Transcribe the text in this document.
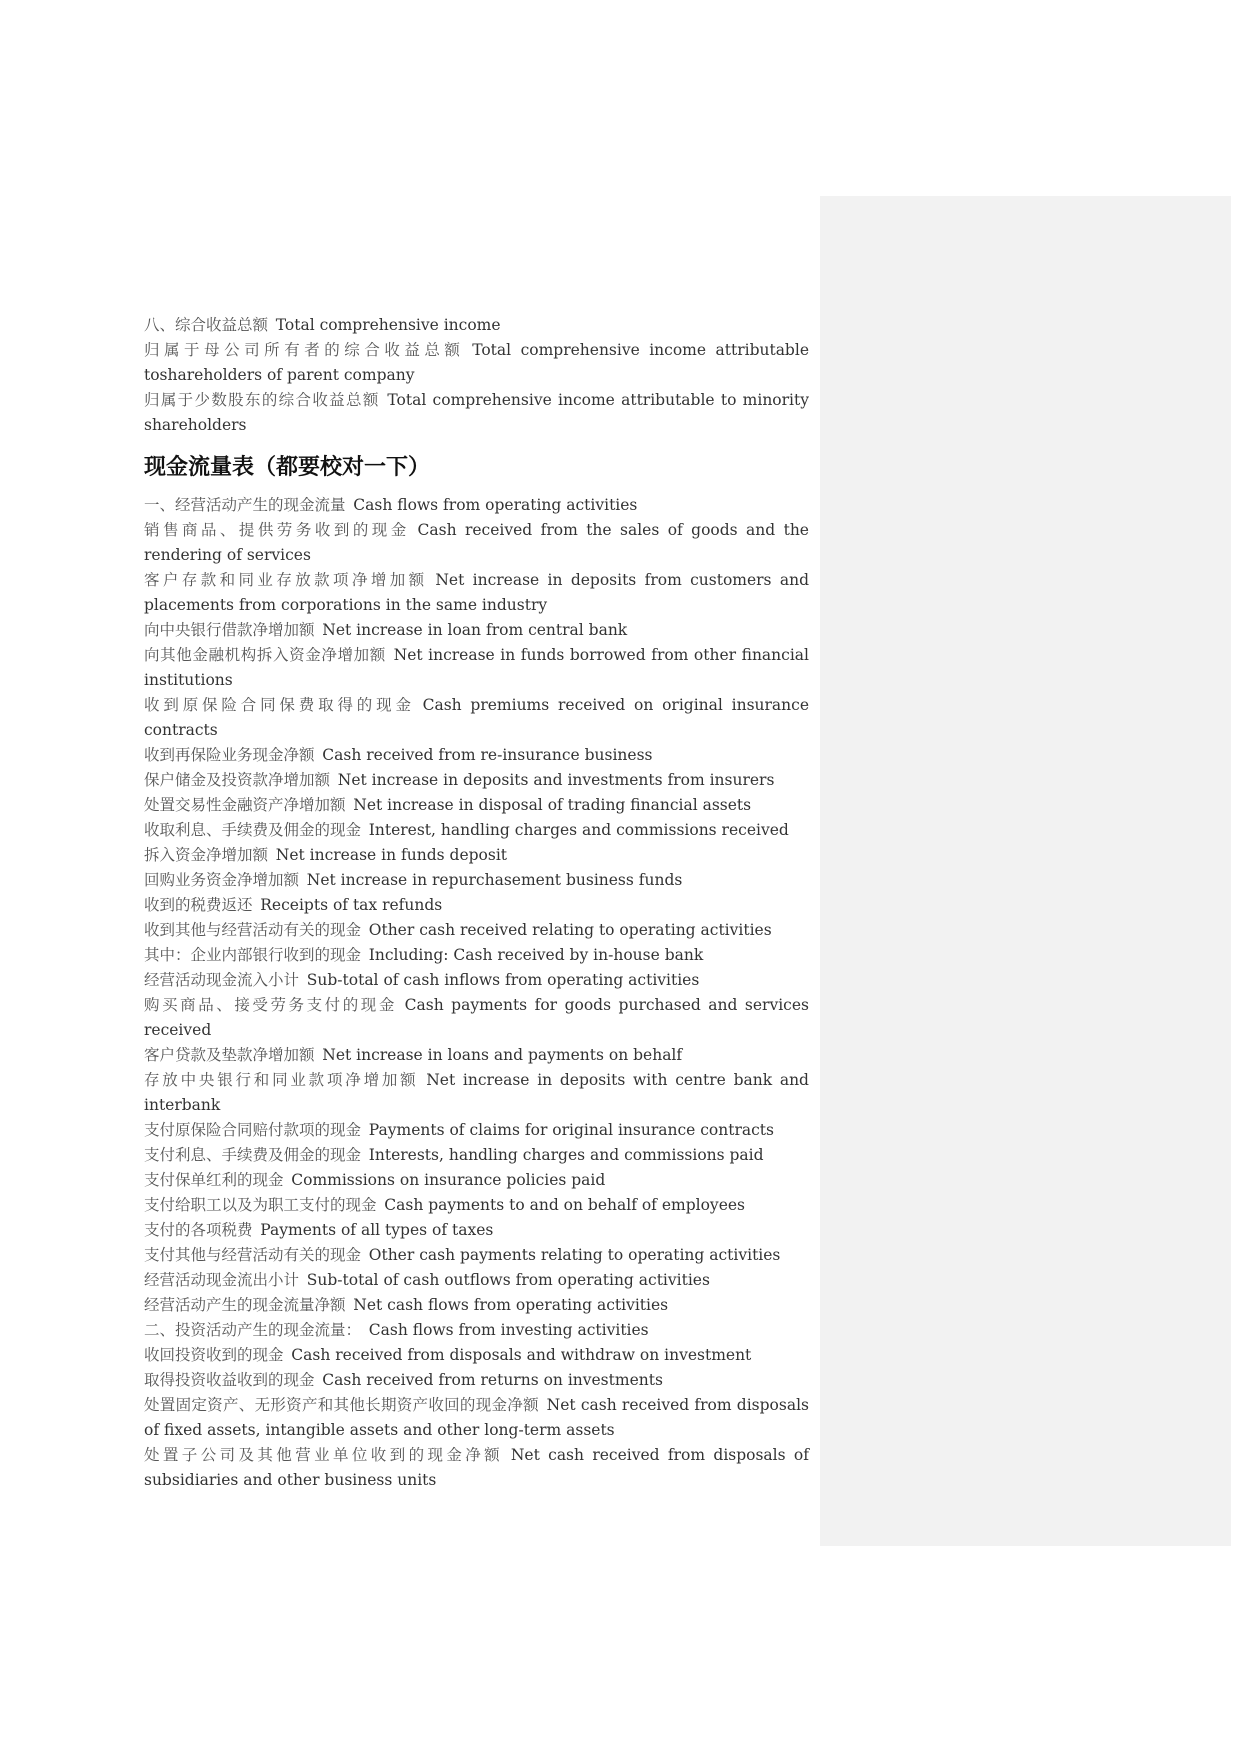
八、综合收益总额  Total comprehensive income

归属于母公司所有者的综合收益总额  Total comprehensive income attributable toshareholders of parent company

归属于少数股东的综合收益总额  Total comprehensive income attributable to minority shareholders

现金流量表（都要校对一下）

一、经营活动产生的现金流量  Cash flows from operating activities

销售商品、提供劳务收到的现金  Cash received from the sales of goods and the rendering of services

客户存款和同业存放款项净增加额  Net increase in deposits from customers and placements from corporations in the same industry

向中央银行借款净增加额  Net increase in loan from central bank

向其他金融机构拆入资金净增加额  Net increase in funds borrowed from other financial institutions

收到原保险合同保费取得的现金  Cash premiums received on original insurance contracts

收到再保险业务现金净额  Cash received from re-insurance business

保户储金及投资款净增加额  Net increase in deposits and investments from insurers

处置交易性金融资产净增加额  Net increase in disposal of trading financial assets

收取利息、手续费及佣金的现金  Interest, handling charges and commissions received

拆入资金净增加额  Net increase in funds deposit

回购业务资金净增加额  Net increase in repurchasement business funds

收到的税费返还  Receipts of tax refunds

收到其他与经营活动有关的现金  Other cash received relating to operating activities

其中：企业内部银行收到的现金  Including: Cash received by in-house bank

经营活动现金流入小计  Sub-total of cash inflows from operating activities

购买商品、接受劳务支付的现金  Cash payments for goods purchased and services received

客户贷款及垫款净增加额  Net increase in loans and payments on behalf

存放中央银行和同业款项净增加额  Net increase in deposits with centre bank and interbank

支付原保险合同赔付款项的现金  Payments of claims for original insurance contracts

支付利息、手续费及佣金的现金  Interests, handling charges and commissions paid

支付保单红利的现金  Commissions on insurance policies paid

支付给职工以及为职工支付的现金  Cash payments to and on behalf of employees

支付的各项税费  Payments of all types of taxes

支付其他与经营活动有关的现金  Other cash payments relating to operating activities

经营活动现金流出小计  Sub-total of cash outflows from operating activities

经营活动产生的现金流量净额  Net cash flows from operating activities

二、投资活动产生的现金流量：  Cash flows from investing activities

收回投资收到的现金  Cash received from disposals and withdraw on investment

取得投资收益收到的现金  Cash received from returns on investments

处置固定资产、无形资产和其他长期资产收回的现金净额  Net cash received from disposals of fixed assets, intangible assets and other long-term assets

处置子公司及其他营业单位收到的现金净额  Net cash received from disposals of subsidiaries and other business units
